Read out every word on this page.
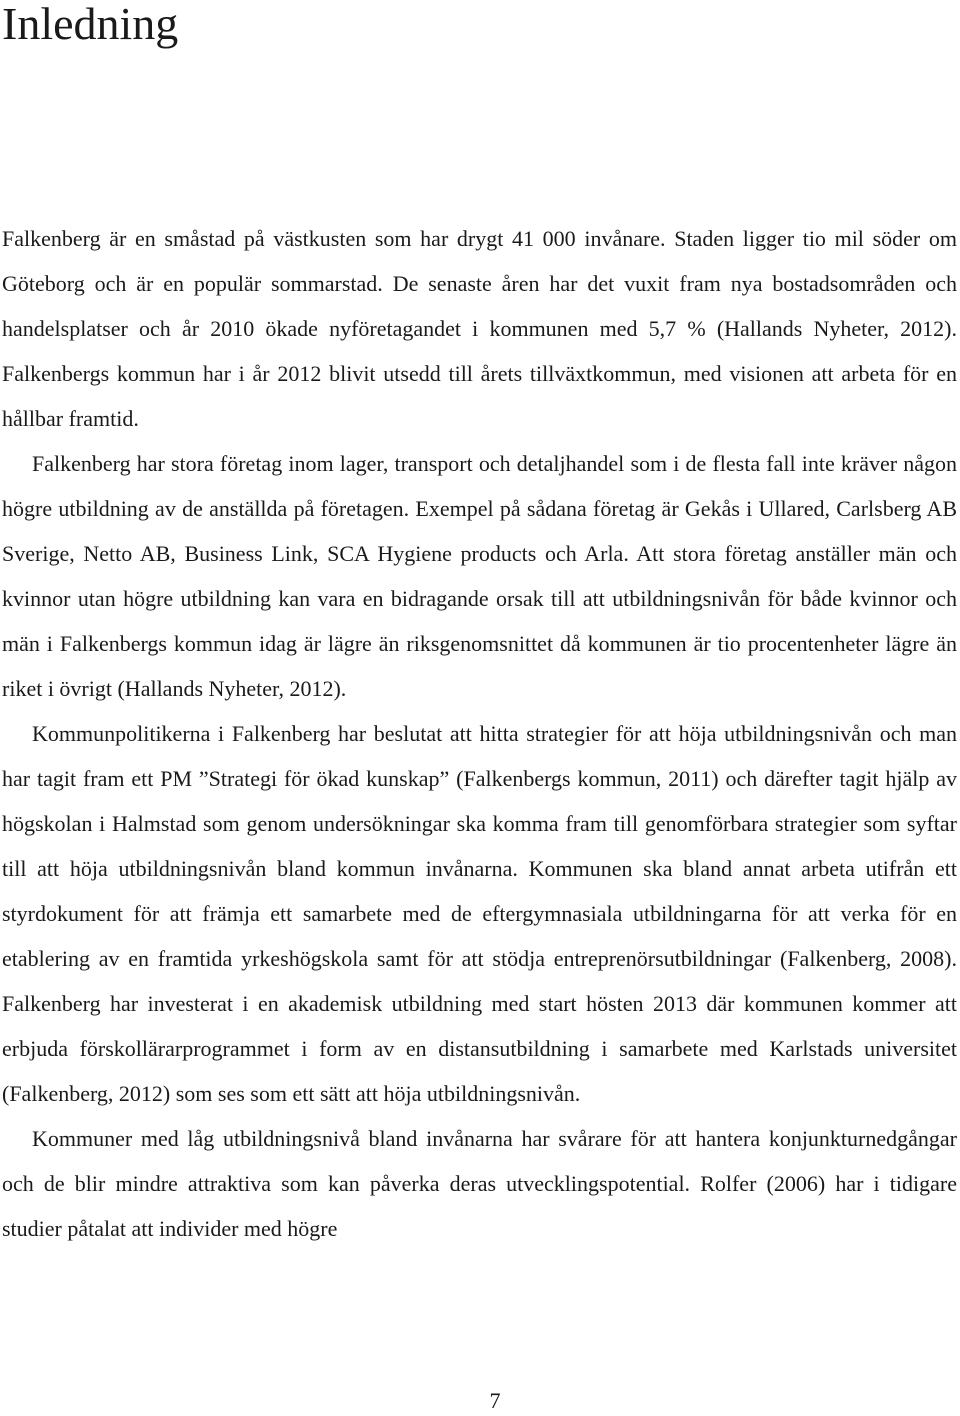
Inledning

Falkenberg är en småstad på västkusten som har drygt 41 000 invånare. Staden ligger tio mil söder om Göteborg och är en populär sommarstad. De senaste åren har det vuxit fram nya bostadsområden och handelsplatser och år 2010 ökade nyföretagandet i kommunen med 5,7 % (Hallands Nyheter, 2012). Falkenbergs kommun har i år 2012 blivit utsedd till årets tillväxtkommun, med visionen att arbeta för en hållbar framtid.

Falkenberg har stora företag inom lager, transport och detaljhandel som i de flesta fall inte kräver någon högre utbildning av de anställda på företagen. Exempel på sådana företag är Gekås i Ullared, Carlsberg AB Sverige, Netto AB, Business Link, SCA Hygiene products och Arla. Att stora företag anställer män och kvinnor utan högre utbildning kan vara en bidragande orsak till att utbildningsnivån för både kvinnor och män i Falkenbergs kommun idag är lägre än riksgenomsnittet då kommunen är tio procentenheter lägre än riket i övrigt (Hallands Nyheter, 2012).

Kommunpolitikerna i Falkenberg har beslutat att hitta strategier för att höja utbildningsnivån och man har tagit fram ett PM ”Strategi för ökad kunskap” (Falkenbergs kommun, 2011) och därefter tagit hjälp av högskolan i Halmstad som genom undersökningar ska komma fram till genomförbara strategier som syftar till att höja utbildningsnivån bland kommun invånarna. Kommunen ska bland annat arbeta utifrån ett styrdokument för att främja ett samarbete med de eftergymnasiala utbildningarna för att verka för en etablering av en framtida yrkeshögskola samt för att stödja entreprenörsutbildningar (Falkenberg, 2008). Falkenberg har investerat i en akademisk utbildning med start hösten 2013 där kommunen kommer att erbjuda förskollärarprogrammet i form av en distansutbildning i samarbete med Karlstads universitet (Falkenberg, 2012) som ses som ett sätt att höja utbildningsnivån.

Kommuner med låg utbildningsnivå bland invånarna har svårare för att hantera konjunkturnedgångar och de blir mindre attraktiva som kan påverka deras utvecklingspotential. Rolfer (2006) har i tidigare studier påtalat att individer med högre

7
